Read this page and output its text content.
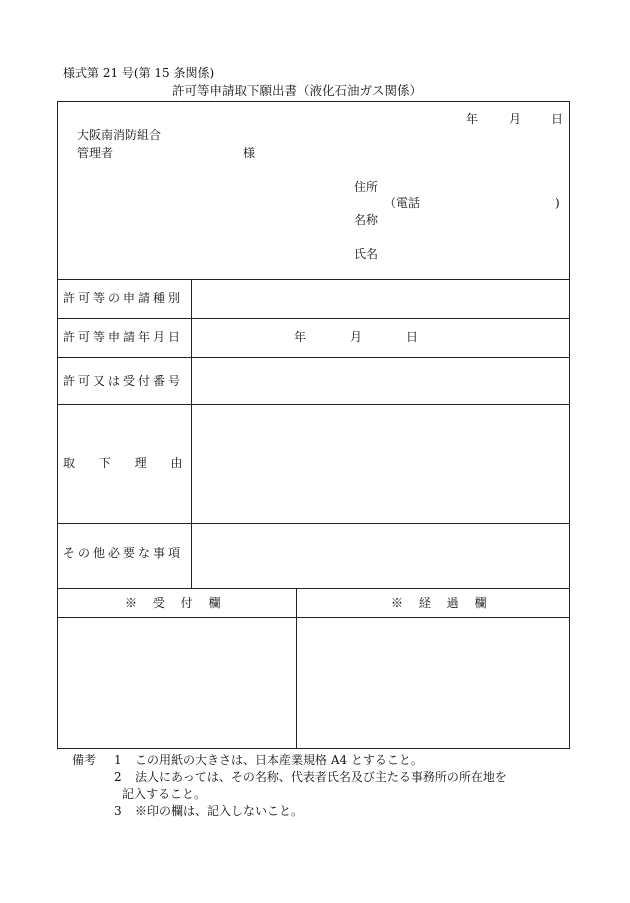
様式第 21 号(第 15 条関係)
許可等申請取下願出書（液化石油ガス関係）
年	月 日
大阪南消防組合
管理者	様
住所
（電話	)
名称
氏名
許可等の申請種別
許可等申請年月日	年	月	日
許可又は受付番号
取 下 理 由
その他必要な事項
※ 受 付 欄	※ 経 過 欄
備考 1 この用紙の大きさは、日本産業規格 A4 とすること。
2 法人にあっては、その名称、代表者氏名及び主たる事務所の所在地を
記入すること。
3 ※印の欄は、記入しないこと。
